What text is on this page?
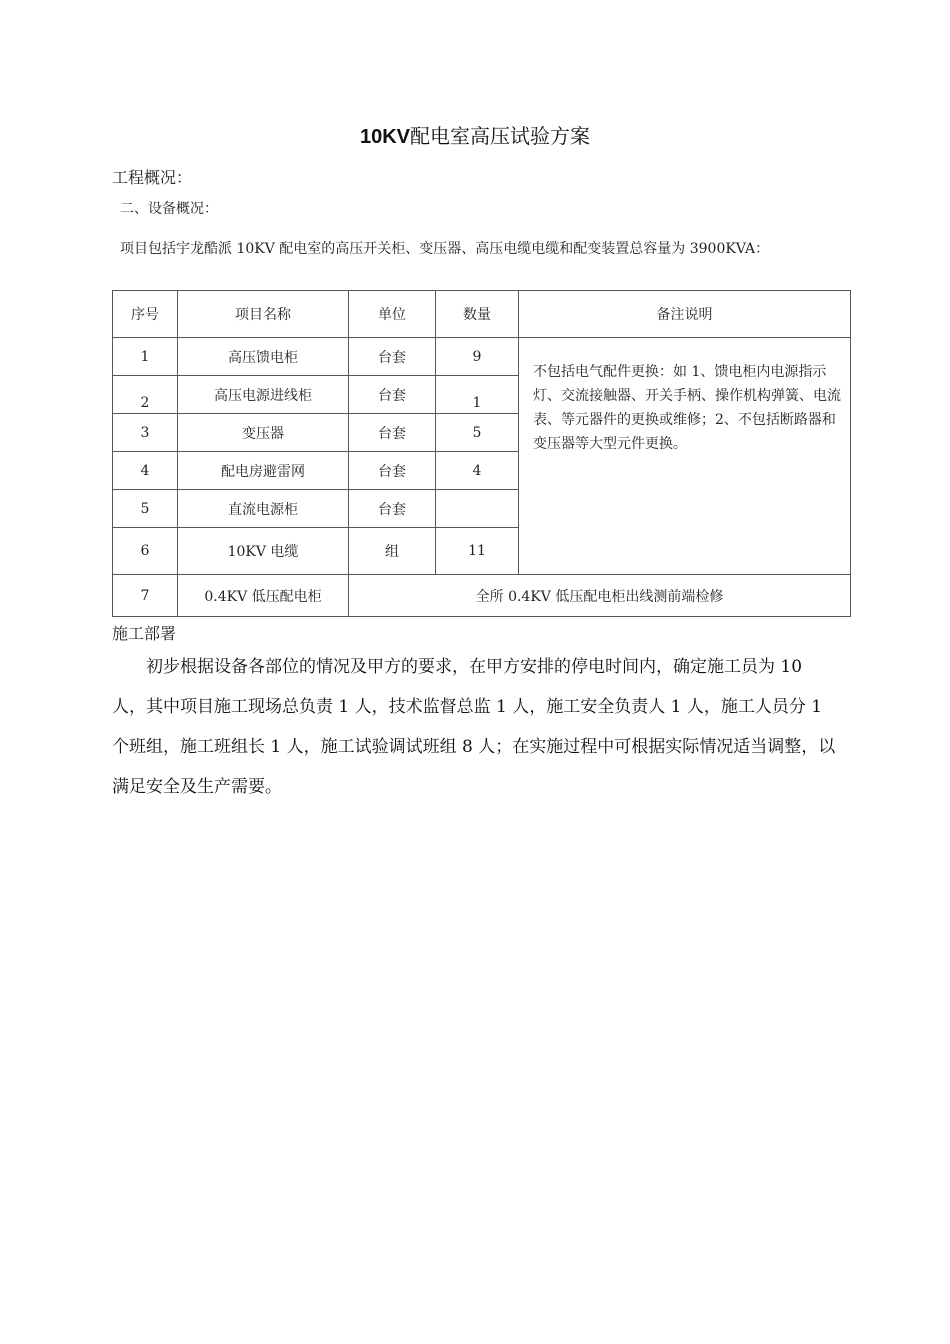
10KV配电室高压试验方案
工程概况：
二、设备概况：
项目包括宇龙酷派 10KV 配电室的高压开关柜、变压器、高压电缆电缆和配变装置总容量为 3900KVA：
序号	项目名称	单位	数量	备注说明
1	高压馈电柜	台套	9	不包括电气配件更换：如 1、馈电柜内电源指示灯、交流接触器、开关手柄、操作机构弹簧、电流表、等元器件的更换或维修；2、不包括断路器和变压器等大型元件更换。
2	高压电源进线柜	台套	1	
3	变压器	台套	5	
4	配电房避雷网	台套	4	
5	直流电源柜	台套		
6	10KV 电缆	组	11	
7	0.4KV 低压配电柜	全所 0.4KV 低压配电柜出线测前端检修		
施工部署
初步根据设备各部位的情况及甲方的要求，在甲方安排的停电时间内，确定施工员为 10 人，其中项目施工现场总负责 1 人，技术监督总监 1 人，施工安全负责人 1 人，施工人员分 1 个班组，施工班组长 1 人，施工试验调试班组 8 人；在实施过程中可根据实际情况适当调整，以满足安全及生产需要。
